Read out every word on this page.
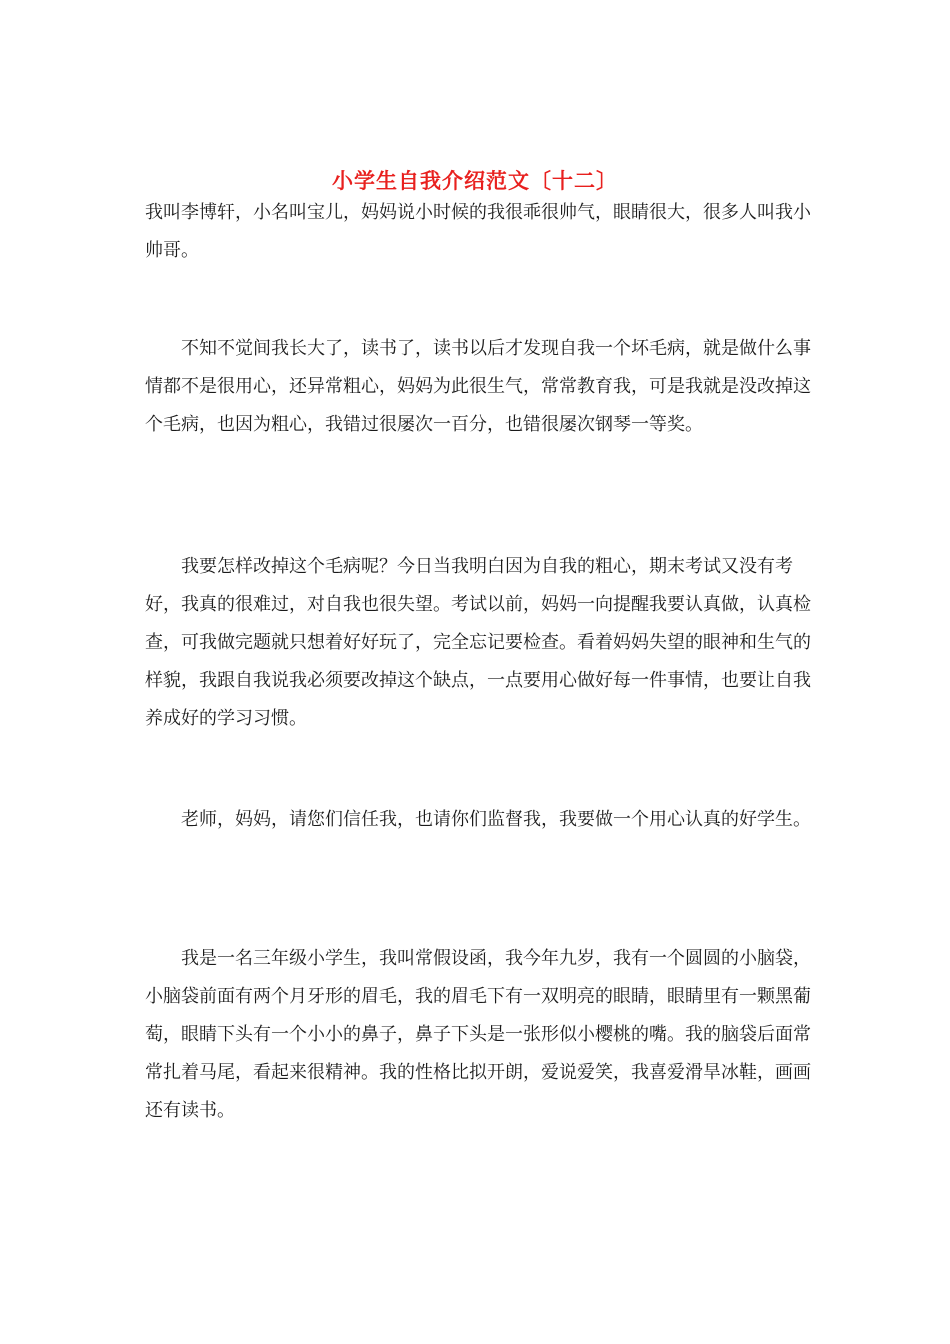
小学生自我介绍范文〔十二〕

我叫李博轩，小名叫宝儿，妈妈说小时候的我很乖很帅气，眼睛很大，很多人叫我小帅哥。

不知不觉间我长大了，读书了，读书以后才发现自我一个坏毛病，就是做什么事情都不是很用心，还异常粗心，妈妈为此很生气，常常教育我，可是我就是没改掉这个毛病，也因为粗心，我错过很屡次一百分，也错很屡次钢琴一等奖。

我要怎样改掉这个毛病呢？今日当我明白因为自我的粗心，期末考试又没有考好，我真的很难过，对自我也很失望。考试以前，妈妈一向提醒我要认真做，认真检查，可我做完题就只想着好好玩了，完全忘记要检查。看着妈妈失望的眼神和生气的样貌，我跟自我说我必须要改掉这个缺点，一点要用心做好每一件事情，也要让自我养成好的学习习惯。

老师，妈妈，请您们信任我，也请你们监督我，我要做一个用心认真的好学生。

我是一名三年级小学生，我叫常假设函，我今年九岁，我有一个圆圆的小脑袋，小脑袋前面有两个月牙形的眉毛，我的眉毛下有一双明亮的眼睛，眼睛里有一颗黑葡萄，眼睛下头有一个小小的鼻子，鼻子下头是一张形似小樱桃的嘴。我的脑袋后面常常扎着马尾，看起来很精神。我的性格比拟开朗，爱说爱笑，我喜爱滑旱冰鞋，画画还有读书。
